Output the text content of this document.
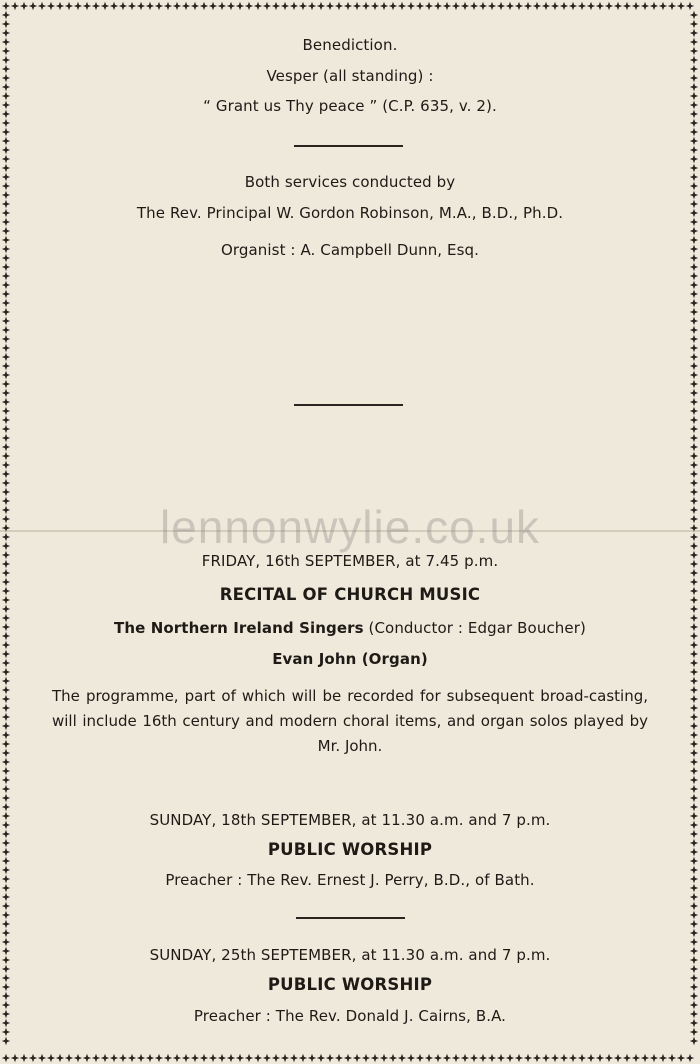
Benediction.
Vesper (all standing) :
“ Grant us Thy peace ” (C.P. 635, v. 2).
Both services conducted by
The Rev. Principal W. Gordon Robinson, M.A., B.D., Ph.D.
Organist : A. Campbell Dunn, Esq.
lennonwylie.co.uk
FRIDAY, 16th SEPTEMBER, at 7.45 p.m.
RECITAL OF CHURCH MUSIC
The Northern Ireland Singers (Conductor : Edgar Boucher)
Evan John (Organ)
The programme, part of which will be recorded for subsequent broad-casting, will include 16th century and modern choral items, and organ solos played by Mr. John.
SUNDAY, 18th SEPTEMBER, at 11.30 a.m. and 7 p.m.
PUBLIC WORSHIP
Preacher : The Rev. Ernest J. Perry, B.D., of Bath.
SUNDAY, 25th SEPTEMBER, at 11.30 a.m. and 7 p.m.
PUBLIC WORSHIP
Preacher : The Rev. Donald J. Cairns, B.A.
